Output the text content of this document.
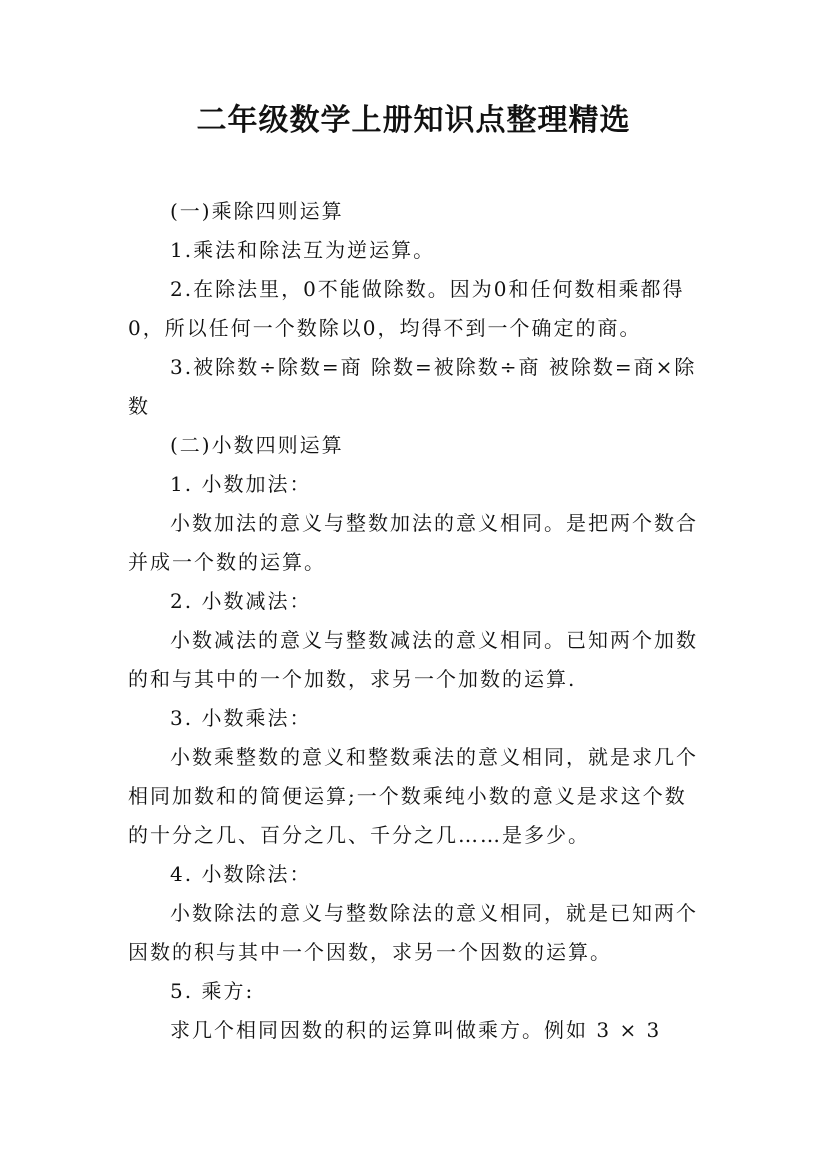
二年级数学上册知识点整理精选
(一)乘除四则运算
1.乘法和除法互为逆运算。
2.在除法里，0不能做除数。因为0和任何数相乘都得
0，所以任何一个数除以0，均得不到一个确定的商。
3.被除数÷除数=商 除数=被除数÷商 被除数=商×除
数
(二)小数四则运算
1. 小数加法：
小数加法的意义与整数加法的意义相同。是把两个数合
并成一个数的运算。
2. 小数减法：
小数减法的意义与整数减法的意义相同。已知两个加数
的和与其中的一个加数，求另一个加数的运算.
3. 小数乘法：
小数乘整数的意义和整数乘法的意义相同，就是求几个
相同加数和的简便运算;一个数乘纯小数的意义是求这个数
的十分之几、百分之几、千分之几……是多少。
4. 小数除法：
小数除法的意义与整数除法的意义相同，就是已知两个
因数的积与其中一个因数，求另一个因数的运算。
5. 乘方:
求几个相同因数的积的运算叫做乘方。例如 3 × 3
